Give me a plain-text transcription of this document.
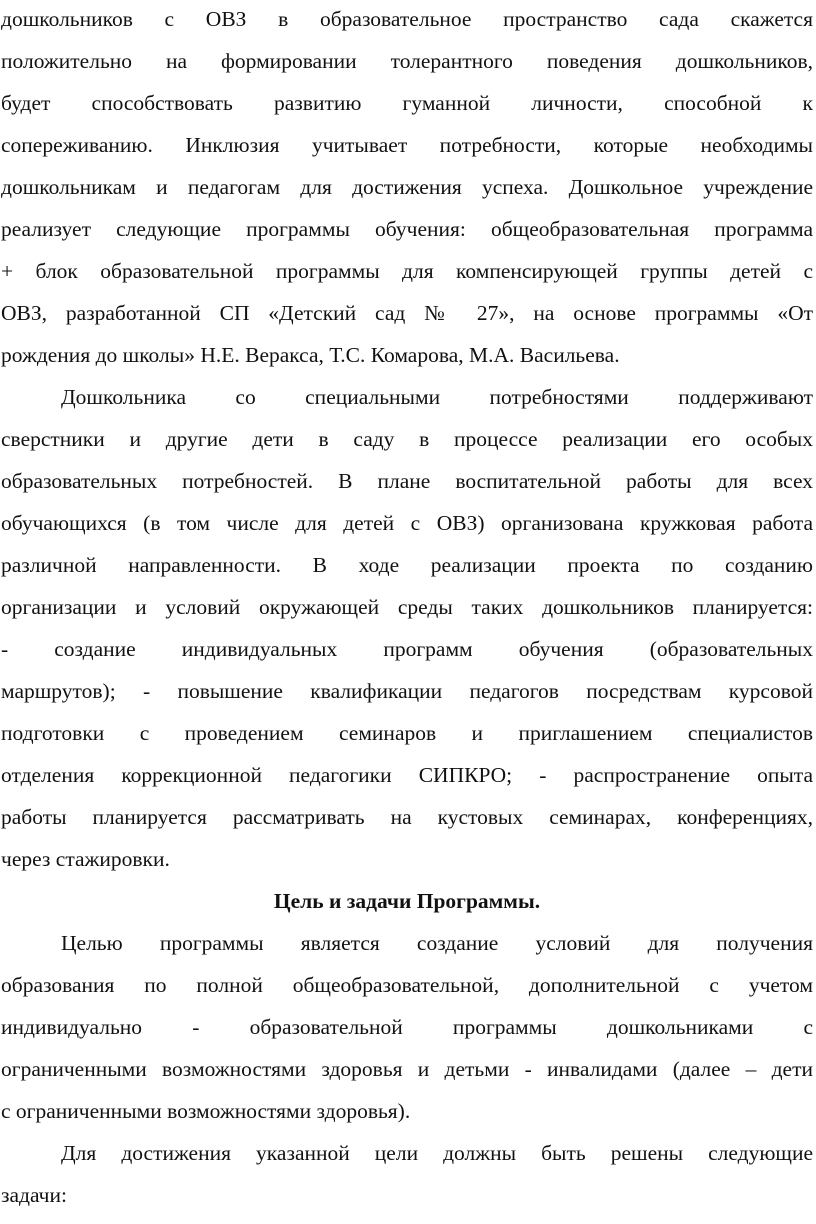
дошкольников с ОВЗ в образовательное пространство сада скажется
положительно на формировании толерантного поведения дошкольников,
будет способствовать развитию гуманной личности, способной к
сопереживанию. Инклюзия учитывает потребности, которые необходимы
дошкольникам и педагогам для достижения успеха. Дошкольное учреждение
реализует следующие программы обучения: общеобразовательная программа
+ блок образовательной программы для компенсирующей группы детей с
ОВЗ, разработанной СП «Детский сад № 27», на основе программы «От
рождения до школы» Н.Е. Веракса, Т.С. Комарова, М.А. Васильева.
Дошкольника со специальными потребностями поддерживают
сверстники и другие дети в саду в процессе реализации его особых
образовательных потребностей. В плане воспитательной работы для всех
обучающихся (в том числе для детей с ОВЗ) организована кружковая работа
различной направленности. В ходе реализации проекта по созданию
организации и условий окружающей среды таких дошкольников планируется:
- создание индивидуальных программ обучения (образовательных
маршрутов); - повышение квалификации педагогов посредствам курсовой
подготовки с проведением семинаров и приглашением специалистов
отделения коррекционной педагогики СИПКРО; - распространение опыта
работы планируется рассматривать на кустовых семинарах, конференциях,
через стажировки.
Цель и задачи Программы.
Целью программы является создание условий для получения
образования по полной общеобразовательной, дополнительной с учетом
индивидуально - образовательной программы дошкольниками с
ограниченными возможностями здоровья и детьми - инвалидами (далее – дети
с ограниченными возможностями здоровья).
Для достижения указанной цели должны быть решены следующие
задачи:
